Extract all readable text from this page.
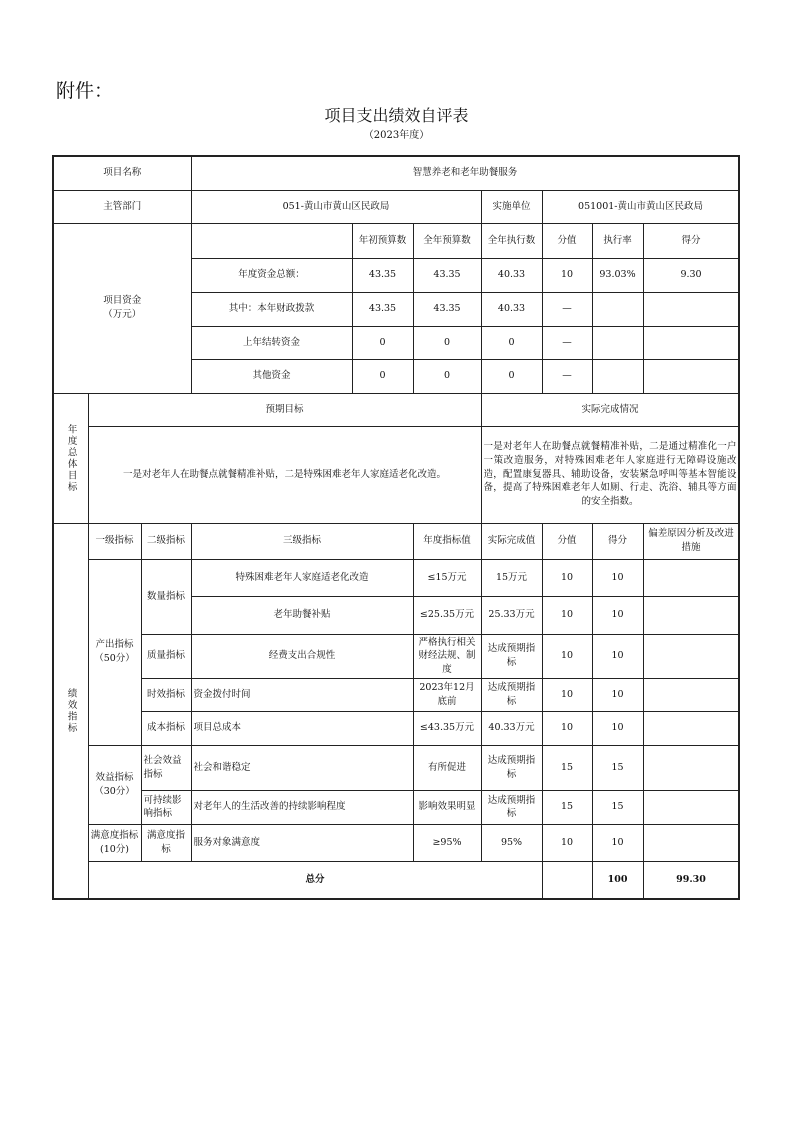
附件：
项目支出绩效自评表
（2023年度）
项目名称			智慧养老和老年助餐服务							
主管部门			051-黄山市黄山区民政局			实施单位	051001-黄山市黄山区民政局			
项目资金
（万元）				年初预算数	全年预算数	全年执行数	分值	执行率	得分	
			年度资金总额：	43.35	43.35	40.33	10	93.03%	9.30	
			其中：本年财政拨款	43.35	43.35	40.33	—			
			上年结转资金	0	0	0	—			
			其他资金	0	0	0	—			
年度总体目标	预期目标					实际完成情况				
	一是对老年人在助餐点就餐精准补贴，二是特殊困难老年人家庭适老化改造。					一是对老年人在助餐点就餐精准补贴，二是通过精准化一户一策改造服务，对特殊困难老年人家庭进行无障碍设施改造，配置康复器具、辅助设备，安装紧急呼叫等基本智能设备，提高了特殊困难老年人如厕、行走、洗浴、辅具等方面的安全指数。				
绩效指标	一级指标	二级指标	三级指标		年度指标值	实际完成值	分值	得分	偏差原因分析及改进措施	
	产出指标（50分）	数量指标	特殊困难老年人家庭适老化改造		≤15万元	15万元	10	10		
			老年助餐补贴		≤25.35万元	25.33万元	10	10		
		质量指标	经费支出合规性		严格执行相关财经法规、制度	达成预期指标	10	10		
		时效指标	资金拨付时间		2023年12月底前	达成预期指标	10	10		
		成本指标	项目总成本		≤43.35万元	40.33万元	10	10		
	效益指标（30分）	社会效益指标	社会和谐稳定		有所促进	达成预期指标	15	15		
		可持续影响指标	对老年人的生活改善的持续影响程度		影响效果明显	达成预期指标	15	15		
	满意度指标(10分)	满意度指标	服务对象满意度		≥95%	95%	10	10		
	总分							100	99.30	
